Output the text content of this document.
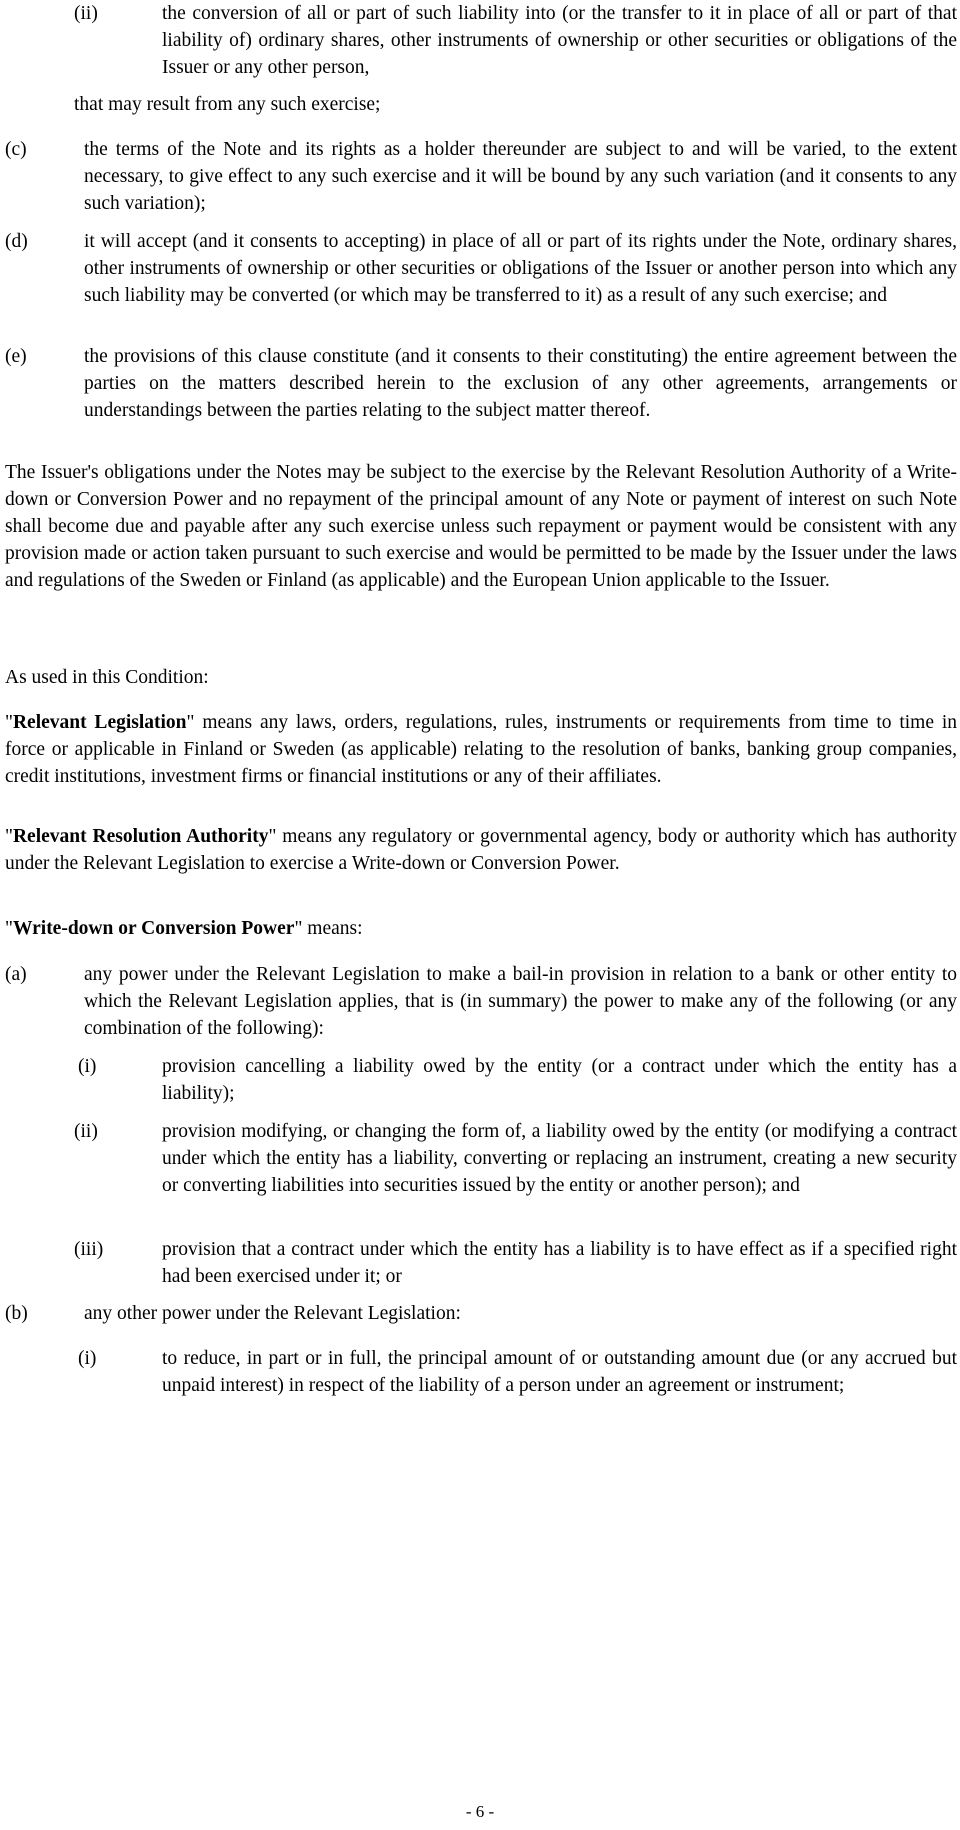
(ii)	the conversion of all or part of such liability into (or the transfer to it in place of all or part of that liability of) ordinary shares, other instruments of ownership or other securities or obligations of the Issuer or any other person,

that may result from any such exercise;

(c)	the terms of the Note and its rights as a holder thereunder are subject to and will be varied, to the extent necessary, to give effect to any such exercise and it will be bound by any such variation (and it consents to any such variation);

(d)	it will accept (and it consents to accepting) in place of all or part of its rights under the Note, ordinary shares, other instruments of ownership or other securities or obligations of the Issuer or another person into which any such liability may be converted (or which may be transferred to it) as a result of any such exercise; and

(e)	the provisions of this clause constitute (and it consents to their constituting) the entire agreement between the parties on the matters described herein to the exclusion of any other agreements, arrangements or understandings between the parties relating to the subject matter thereof.

The Issuer's obligations under the Notes may be subject to the exercise by the Relevant Resolution Authority of a Write-down or Conversion Power and no repayment of the principal amount of any Note or payment of interest on such Note shall become due and payable after any such exercise unless such repayment or payment would be consistent with any provision made or action taken pursuant to such exercise and would be permitted to be made by the Issuer under the laws and regulations of the Sweden or Finland (as applicable) and the European Union applicable to the Issuer.

As used in this Condition:

"Relevant Legislation" means any laws, orders, regulations, rules, instruments or requirements from time to time in force or applicable in Finland or Sweden (as applicable) relating to the resolution of banks, banking group companies, credit institutions, investment firms or financial institutions or any of their affiliates.

"Relevant Resolution Authority" means any regulatory or governmental agency, body or authority which has authority under the Relevant Legislation to exercise a Write-down or Conversion Power.

"Write-down or Conversion Power" means:

(a)	any power under the Relevant Legislation to make a bail-in provision in relation to a bank or other entity to which the Relevant Legislation applies, that is (in summary) the power to make any of the following (or any combination of the following):

(i)	provision cancelling a liability owed by the entity (or a contract under which the entity has a liability);

(ii)	provision modifying, or changing the form of, a liability owed by the entity (or modifying a contract under which the entity has a liability, converting or replacing an instrument, creating a new security or converting liabilities into securities issued by the entity or another person); and

(iii)	provision that a contract under which the entity has a liability is to have effect as if a specified right had been exercised under it; or

(b)	any other power under the Relevant Legislation:

(i)	to reduce, in part or in full, the principal amount of or outstanding amount due (or any accrued but unpaid interest) in respect of the liability of a person under an agreement or instrument;

- 6 -
